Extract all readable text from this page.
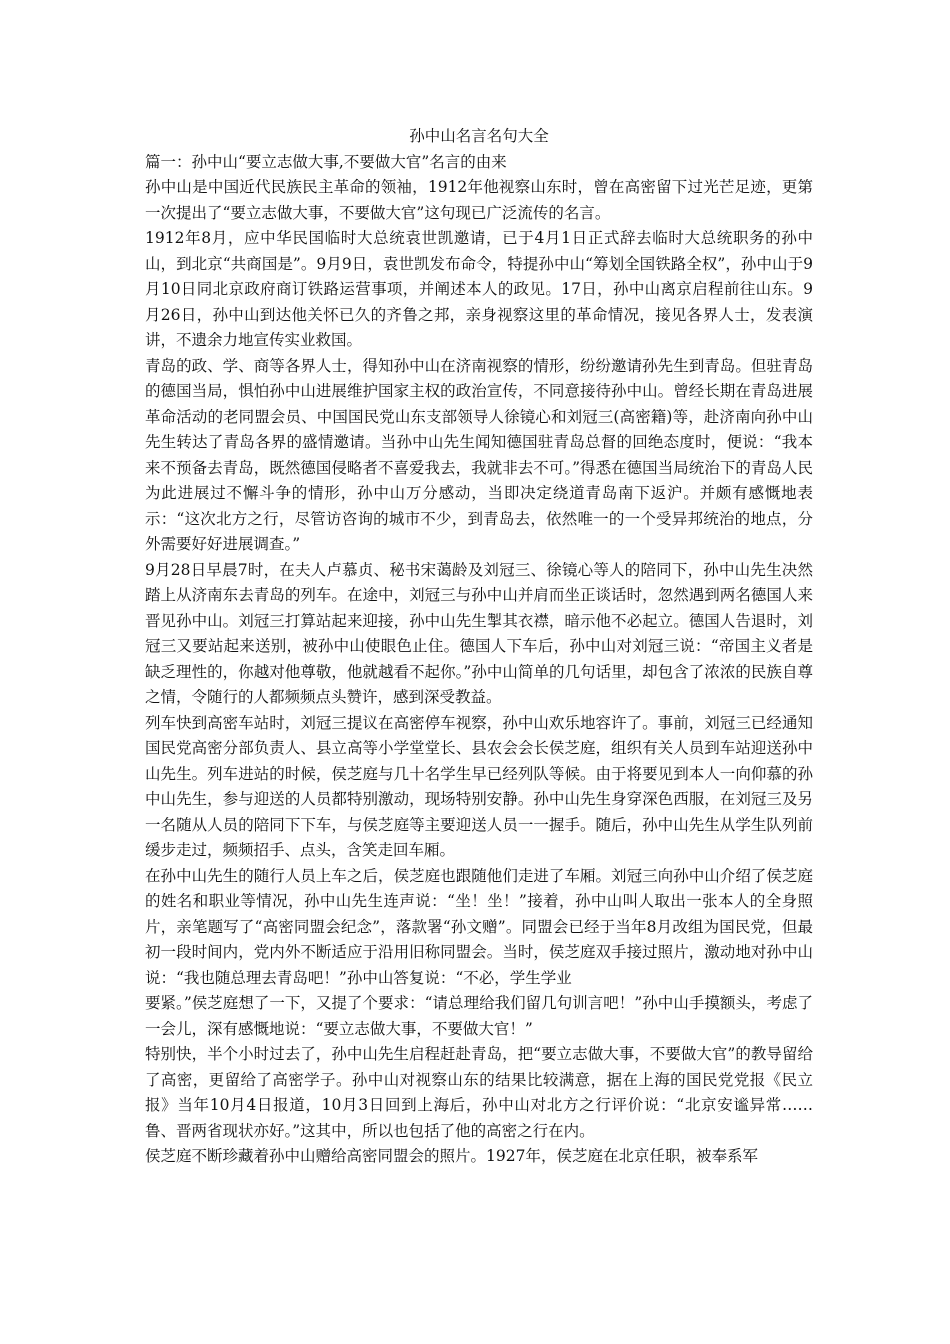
孙中山名言名句大全

篇一：孙中山“要立志做大事,不要做大官”名言的由来

孙中山是中国近代民族民主革命的领袖，1912年他视察山东时，曾在高密留下过光芒足迹，更第一次提出了“要立志做大事，不要做大官”这句现已广泛流传的名言。

1912年8月，应中华民国临时大总统袁世凯邀请，已于4月1日正式辞去临时大总统职务的孙中山，到北京“共商国是”。9月9日，袁世凯发布命令，特提孙中山“筹划全国铁路全权”，孙中山于9月10日同北京政府商订铁路运营事项，并阐述本人的政见。17日，孙中山离京启程前往山东。9月26日，孙中山到达他关怀已久的齐鲁之邦，亲身视察这里的革命情况，接见各界人士，发表演讲，不遗余力地宣传实业救国。

青岛的政、学、商等各界人士，得知孙中山在济南视察的情形，纷纷邀请孙先生到青岛。但驻青岛的德国当局，惧怕孙中山进展维护国家主权的政治宣传，不同意接待孙中山。曾经长期在青岛进展革命活动的老同盟会员、中国国民党山东支部领导人徐镜心和刘冠三(高密籍)等，赴济南向孙中山先生转达了青岛各界的盛情邀请。当孙中山先生闻知德国驻青岛总督的回绝态度时，便说：“我本来不预备去青岛，既然德国侵略者不喜爱我去，我就非去不可。”得悉在德国当局统治下的青岛人民为此进展过不懈斗争的情形，孙中山万分感动，当即决定绕道青岛南下返沪。并颇有感慨地表示：“这次北方之行，尽管访咨询的城市不少，到青岛去，依然唯一的一个受异邦统治的地点，分外需要好好进展调查。”

9月28日早晨7时，在夫人卢慕贞、秘书宋蔼龄及刘冠三、徐镜心等人的陪同下，孙中山先生决然踏上从济南东去青岛的列车。在途中，刘冠三与孙中山并肩而坐正谈话时，忽然遇到两名德国人来晋见孙中山。刘冠三打算站起来迎接，孙中山先生掣其衣襟，暗示他不必起立。德国人告退时，刘冠三又要站起来送别，被孙中山使眼色止住。德国人下车后，孙中山对刘冠三说：“帝国主义者是缺乏理性的，你越对他尊敬，他就越看不起你。”孙中山简单的几句话里，却包含了浓浓的民族自尊之情，令随行的人都频频点头赞许，感到深受教益。

列车快到高密车站时，刘冠三提议在高密停车视察，孙中山欢乐地容许了。事前，刘冠三已经通知国民党高密分部负责人、县立高等小学堂堂长、县农会会长侯芝庭，组织有关人员到车站迎送孙中山先生。列车进站的时候，侯芝庭与几十名学生早已经列队等候。由于将要见到本人一向仰慕的孙中山先生，参与迎送的人员都特别激动，现场特别安静。孙中山先生身穿深色西服，在刘冠三及另一名随从人员的陪同下下车，与侯芝庭等主要迎送人员一一握手。随后，孙中山先生从学生队列前缓步走过，频频招手、点头，含笑走回车厢。

在孙中山先生的随行人员上车之后，侯芝庭也跟随他们走进了车厢。刘冠三向孙中山介绍了侯芝庭的姓名和职业等情况，孙中山先生连声说：“坐！坐！”接着，孙中山叫人取出一张本人的全身照片，亲笔题写了“高密同盟会纪念”，落款署“孙文赠”。同盟会已经于当年8月改组为国民党，但最初一段时间内，党内外不断适应于沿用旧称同盟会。当时，侯芝庭双手接过照片，激动地对孙中山说：“我也随总理去青岛吧！”孙中山答复说：“不必，学生学业

要紧。”侯芝庭想了一下，又提了个要求：“请总理给我们留几句训言吧！”孙中山手摸额头，考虑了一会儿，深有感慨地说：“要立志做大事，不要做大官！”

特别快，半个小时过去了，孙中山先生启程赶赴青岛，把“要立志做大事，不要做大官”的教导留给了高密，更留给了高密学子。孙中山对视察山东的结果比较满意，据在上海的国民党党报《民立报》当年10月4日报道，10月3日回到上海后，孙中山对北方之行评价说：“北京安谧异常……鲁、晋两省现状亦好。”这其中，所以也包括了他的高密之行在内。

侯芝庭不断珍藏着孙中山赠给高密同盟会的照片。1927年，侯芝庭在北京任职，被奉系军
